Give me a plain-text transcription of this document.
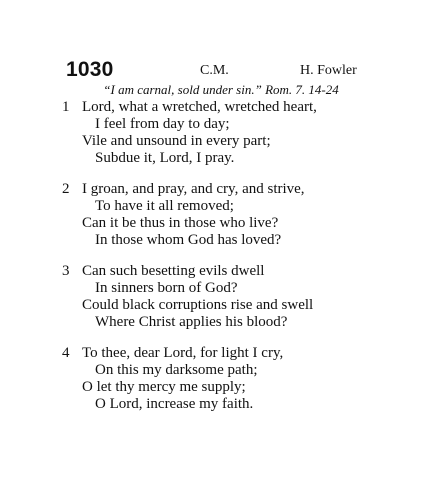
1030	C.M.	H. Fowler
“I am carnal, sold under sin.” Rom. 7. 14-24
1 Lord, what a wretched, wretched heart,
I feel from day to day;
Vile and unsound in every part;
Subdue it, Lord, I pray.
2 I groan, and pray, and cry, and strive,
To have it all removed;
Can it be thus in those who live?
In those whom God has loved?
3 Can such besetting evils dwell
In sinners born of God?
Could black corruptions rise and swell
Where Christ applies his blood?
4 To thee, dear Lord, for light I cry,
On this my darksome path;
O let thy mercy me supply;
O Lord, increase my faith.
